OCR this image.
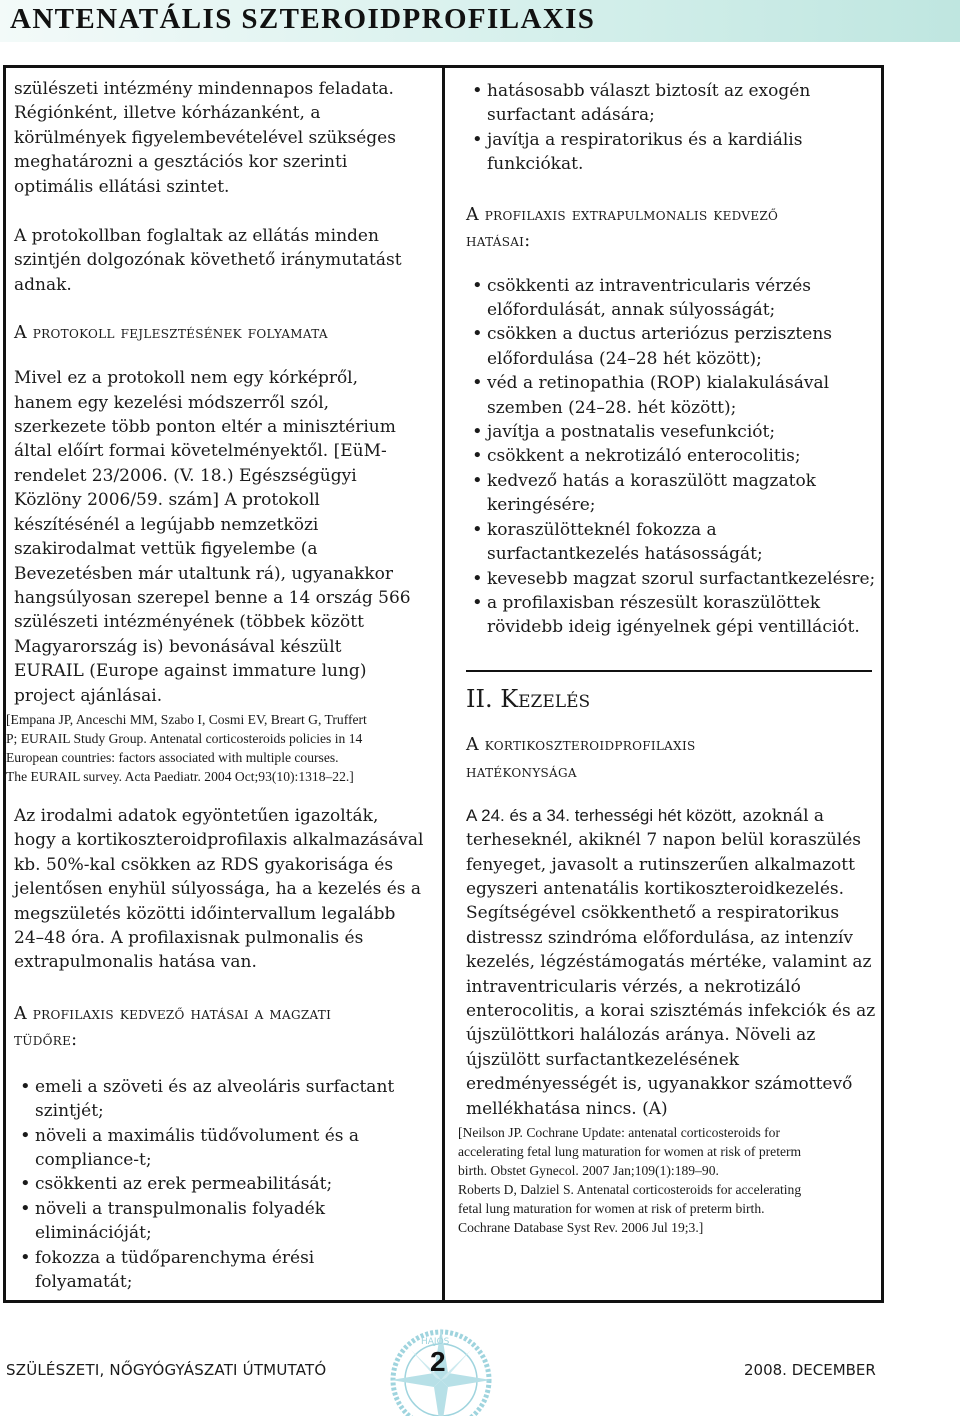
ANTENATÁLIS SZTEROIDPROFILAXIS

szülészeti intézmény mindennapos feladata.
Régiónként, illetve kórházanként, a
körülmények figyelembevételével szükséges
meghatározni a gesztációs kor szerinti
optimális ellátási szintet.

A protokollban foglaltak az ellátás minden
szintjén dolgozónak követhető iránymutatást
adnak.

A protokoll fejlesztésének folyamata

Mivel ez a protokoll nem egy kórképről,
hanem egy kezelési módszerről szól,
szerkezete több ponton eltér a minisztérium
által előírt formai követelményektől. [EüM-
rendelet 23/2006. (V. 18.) Egészségügyi
Közlöny 2006/59. szám] A protokoll
készítésénél a legújabb nemzetközi
szakirodalmat vettük figyelembe (a
Bevezetésben már utaltunk rá), ugyanakkor
hangsúlyosan szerepel benne a 14 ország 566
szülészeti intézményének (többek között
Magyarország is) bevonásával készült
EURAIL (Europe against immature lung)
project ajánlásai.

[Empana JP, Anceschi MM, Szabo I, Cosmi EV, Breart G, Truffert
P; EURAIL Study Group. Antenatal corticosteroids policies in 14
European countries: factors associated with multiple courses.
The EURAIL survey. Acta Paediatr. 2004 Oct;93(10):1318–22.]

Az irodalmi adatok egyöntetűen igazolták,
hogy a kortikoszteroidprofilaxis alkalmazásával
kb. 50%-kal csökken az RDS gyakorisága és
jelentősen enyhül súlyossága, ha a kezelés és a
megszületés közötti időintervallum legalább
24–48 óra. A profilaxisnak pulmonalis és
extrapulmonalis hatása van.

A profilaxis kedvező hatásai a magzati
tüdőre:

• emeli a szöveti és az alveoláris surfactant
szintjét;
• növeli a maximális tüdővolument és a
compliance-t;
• csökkenti az erek permeabilitását;
• növeli a transpulmonalis folyadék
eliminációját;
• fokozza a tüdőparenchyma érési
folyamatát;
• hatásosabb választ biztosít az exogén
surfactant adására;
• javítja a respiratorikus és a kardiális
funkciókat.

A profilaxis extrapulmonalis kedvező
hatásai:

• csökkenti az intraventricularis vérzés
előfordulását, annak súlyosságát;
• csökken a ductus arteriózus perzisztens
előfordulása (24–28 hét között);
• véd a retinopathia (ROP) kialakulásával
szemben (24–28. hét között);
• javítja a postnatalis vesefunkciót;
• csökkent a nekrotizáló enterocolitis;
• kedvező hatás a koraszülött magzatok
keringésére;
• koraszülötteknél fokozza a
surfactantkezelés hatásosságát;
• kevesebb magzat szorul surfactantkezelésre;
• a profilaxisban részesült koraszülöttek
rövidebb ideig igényelnek gépi ventillációt.

II. Kezelés

A kortikoszteroidprofilaxis
hatékonysága

A 24. és a 34. terhességi hét között, azoknál a
terheseknél, akiknél 7 napon belül koraszülés
fenyeget, javasolt a rutinszerűen alkalmazott
egyszeri antenatális kortikoszteroidkezelés.
Segítségével csökkenthető a respiratorikus
distressz szindróma előfordulása, az intenzív
kezelés, légzéstámogatás mértéke, valamint az
intraventricularis vérzés, a nekrotizáló
enterocolitis, a korai szisztémás infekciók és az
újszülöttkori halálozás aránya. Növeli az
újszülött surfactantkezelésének
eredményességét is, ugyanakkor számottevő
mellékhatása nincs. (A)

[Neilson JP. Cochrane Update: antenatal corticosteroids for
accelerating fetal lung maturation for women at risk of preterm
birth. Obstet Gynecol. 2007 Jan;109(1):189–90.
Roberts D, Dalziel S. Antenatal corticosteroids for accelerating
fetal lung maturation for women at risk of preterm birth.
Cochrane Database Syst Rev. 2006 Jul 19;3.]

HAJÓS
SZÜLÉSZETI, NŐGYÓGYÁSZATI ÚTMUTATÓ	2	2008. DECEMBER
